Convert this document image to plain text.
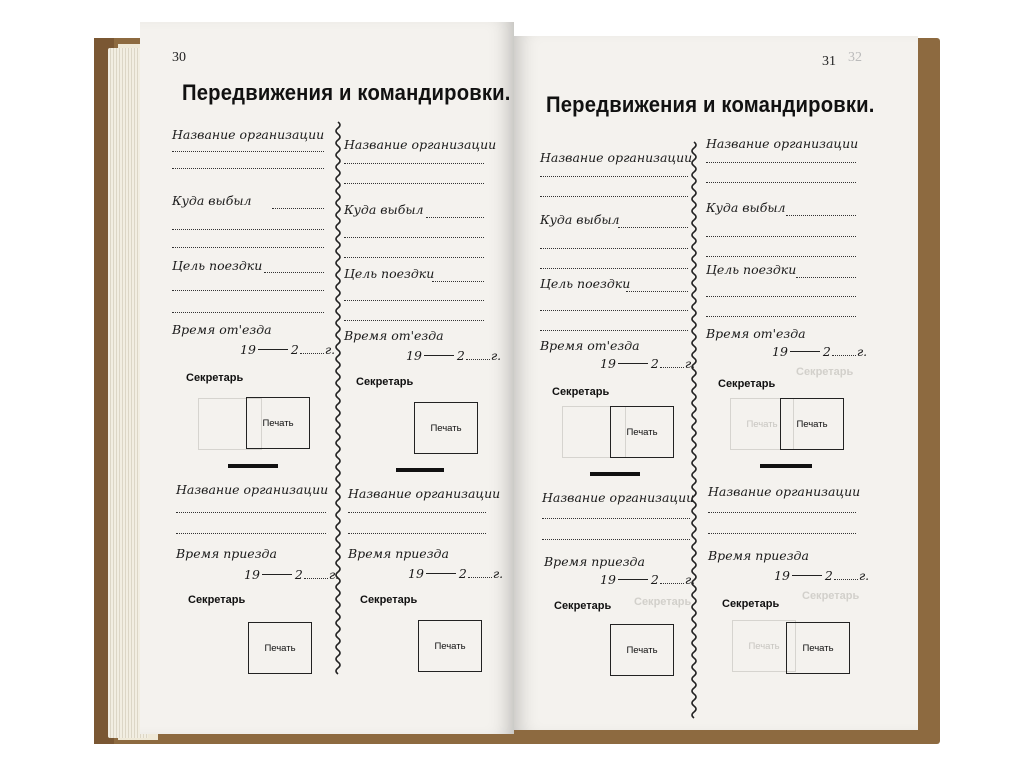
30
Передвижения и командировки.
Название организации
Куда выбыл
Цель поездки
Время от'езда
19	2 г.
Секретарь
Печать
Название организации
Время приезда
19	2 г.
Секретарь
Печать
Название организации
Куда выбыл
Цель поездки
Время от'езда
19	2 г.
Секретарь
Печать
Название организации
Время приезда
19	2 г.
Секретарь
Печать
31 32
Передвижения и командировки.
Название организации
Куда выбыл
Цель поездки
Время от'езда
19	2 г.
Секретарь
Печать
Название организации
Время приезда
19	2 г.
Секретарь Секретарь
Печать
Название организации
Куда выбыл
Цель поездки
Время от'езда
19	2 г.
Секретарь
Секретарь
Печать	Печать
Название организации
Время приезда
19	2 г.
Секретарь
Секретарь
Печать	Печать
